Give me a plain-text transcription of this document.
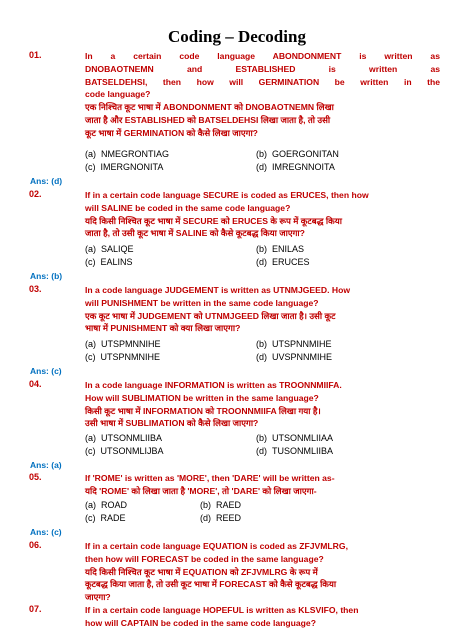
Coding – Decoding
01.	In a certain code language ABONDONMENT is written as
DNOBAOTNEMN and ESTABLISHED is written as
BATSELDEHSI, then how will GERMINATION be written in the
code language?
एक निश्चित कूट भाषा में ABONDONMENT को DNOBAOTNEMN लिखा
जाता है और ESTABLISHED को BATSELDEHSI लिखा जाता है, तो उसी
कूट भाषा में GERMINATION को कैसे लिखा जाएगा?
(a) NMEGRONTIAG	(b) GOERGONITAN
(c) IMERGNONITA	(d) IMREGNNOITA
Ans: (d)
02.	If in a certain code language SECURE is coded as ERUCES, then how
will SALINE be coded in the same code language?
यदि किसी निश्चित कूट भाषा में SECURE को ERUCES के रूप में कूटबद्ध किया
जाता है, तो उसी कूट भाषा में SALINE को कैसे कूटबद्ध किया जाएगा?
(a) SALIQE	(b) ENILAS
(c) EALINS	(d) ERUCES
Ans: (b)
03.	In a code language JUDGEMENT is written as UTNMJGEED. How
will PUNISHMENT be written in the same code language?
एक कूट भाषा में JUDGEMENT को UTNMJGEED लिखा जाता है। उसी कूट
भाषा में PUNISHMENT को क्या लिखा जाएगा?
(a) UTSPMNNIHE	(b) UTSPNNMIHE
(c) UTSPNMNIHE	(d) UVSPNNMIHE
Ans: (c)
04.	In a code language INFORMATION is written as TROONNMIIFA.
How will SUBLIMATION be written in the same language?
किसी कूट भाषा में INFORMATION को TROONNMIIFA लिखा गया है।
उसी भाषा में SUBLIMATION को कैसे लिखा जाएगा?
(a) UTSONMLIIBA	(b) UTSONMLIIAA
(c) UTSONMLIJBA	(d) TUSONMLIIBA
Ans: (a)
05.	If 'ROME' is written as 'MORE', then 'DARE' will be written as-
यदि 'ROME' को लिखा जाता है 'MORE', तो 'DARE' को लिखा जाएगा-
(a) ROAD	(b) RAED
(c) RADE	(d) REED
Ans: (c)
06.	If in a certain code language EQUATION is coded as ZFJVMLRG,
then how will FORECAST be coded in the same language?
यदि किसी निश्चित कूट भाषा में EQUATION को ZFJVMLRG के रूप में
कूटबद्ध किया जाता है, तो उसी कूट भाषा में FORECAST को कैसे कूटबद्ध किया
जाएगा?
07.	If in a certain code language HOPEFUL is written as KLSVIFO, then
how will CAPTAIN be coded in the same code language?
